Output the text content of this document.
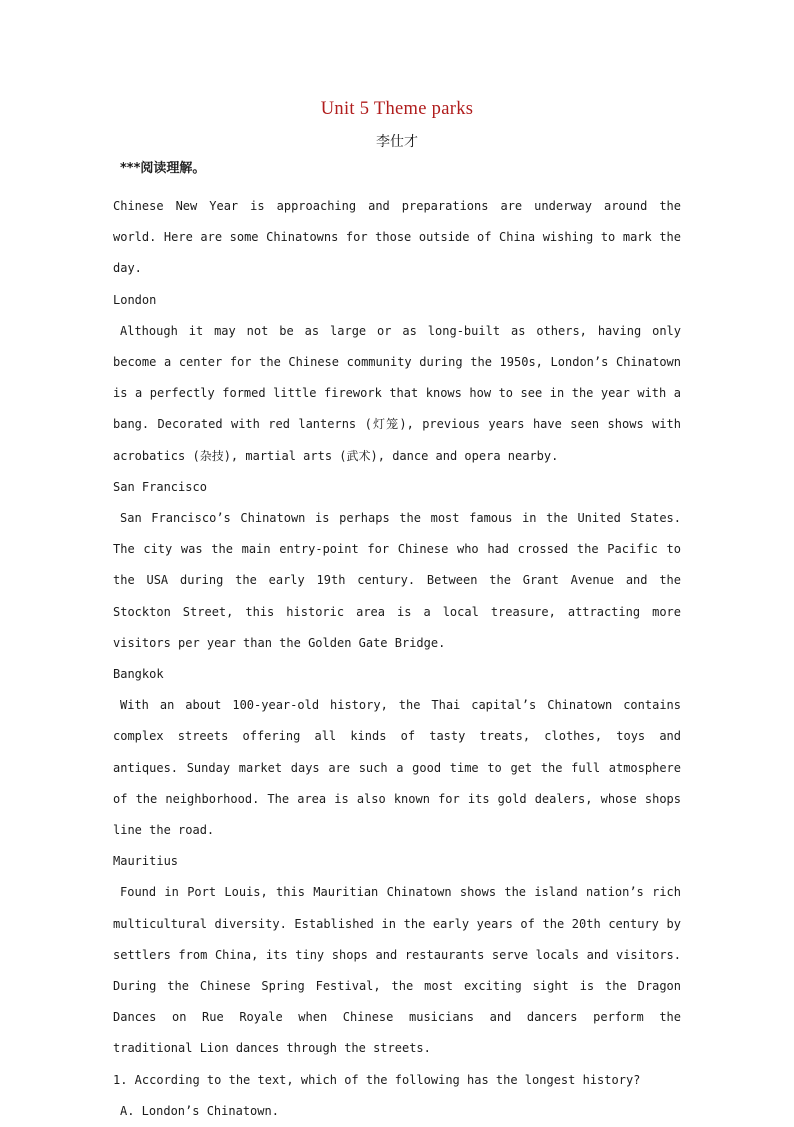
Unit 5 Theme parks
李仕才
***阅读理解。

Chinese New Year is approaching and preparations are underway around the world. Here are some Chinatowns for those outside of China wishing to mark the day.

London

Although it may not be as large or as long-built as others, having only become a center for the Chinese community during the 1950s, London’s Chinatown is a perfectly formed little firework that knows how to see in the year with a bang. Decorated with red lanterns (灯笼), previous years have seen shows with acrobatics (杂技), martial arts (武术), dance and opera nearby.

San Francisco

San Francisco’s Chinatown is perhaps the most famous in the United States. The city was the main entry-point for Chinese who had crossed the Pacific to the USA during the early 19th century. Between the Grant Avenue and the Stockton Street, this historic area is a local treasure, attracting more visitors per year than the Golden Gate Bridge.

Bangkok

With an about 100-year-old history, the Thai capital’s Chinatown contains complex streets offering all kinds of tasty treats, clothes, toys and antiques. Sunday market days are such a good time to get the full atmosphere of the neighborhood. The area is also known for its gold dealers, whose shops line the road.

Mauritius

Found in Port Louis, this Mauritian Chinatown shows the island nation’s rich multicultural diversity. Established in the early years of the 20th century by settlers from China, its tiny shops and restaurants serve locals and visitors. During the Chinese Spring Festival, the most exciting sight is the Dragon Dances on Rue Royale when Chinese musicians and dancers perform the traditional Lion dances through the streets.

1. According to the text, which of the following has the longest history?

A. London’s Chinatown.
